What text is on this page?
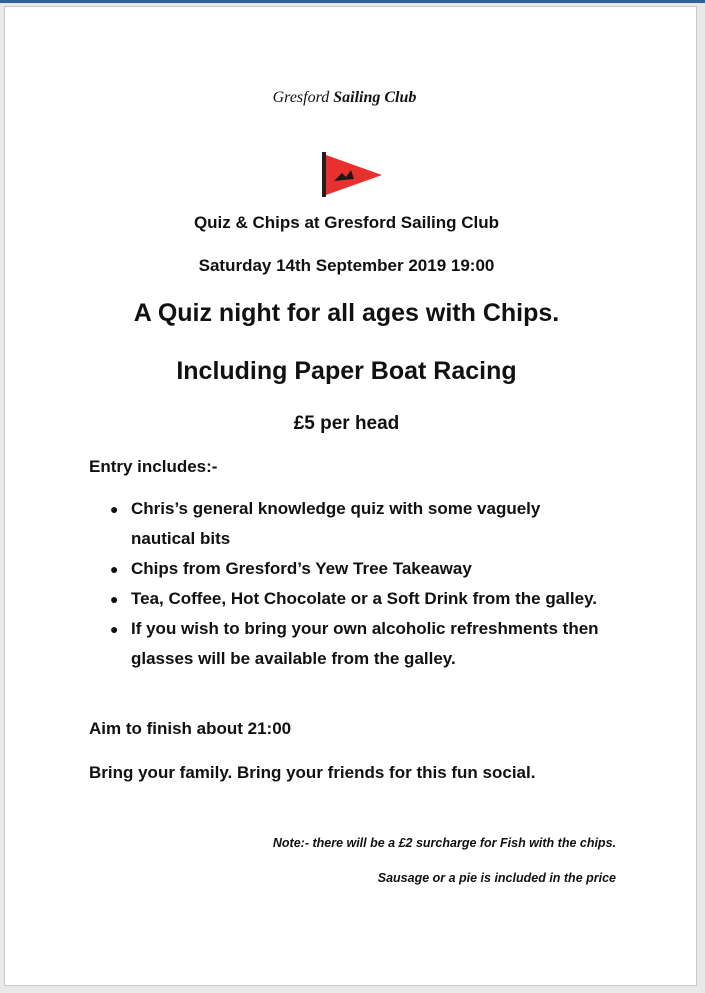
Gresford Sailing Club
Quiz & Chips at Gresford Sailing Club
Saturday 14th September 2019 19:00
A Quiz night for all ages with Chips.
Including Paper Boat Racing
£5 per head
Entry includes:-
● Chris’s general knowledge quiz with some vaguely nautical bits
● Chips from Gresford’s Yew Tree Takeaway
● Tea, Coffee, Hot Chocolate or a Soft Drink from the galley.
● If you wish to bring your own alcoholic refreshments then glasses will be available from the galley.
Aim to finish about 21:00
Bring your family. Bring your friends for this fun social.
Note:- there will be a £2 surcharge for Fish with the chips.
Sausage or a pie is included in the price
